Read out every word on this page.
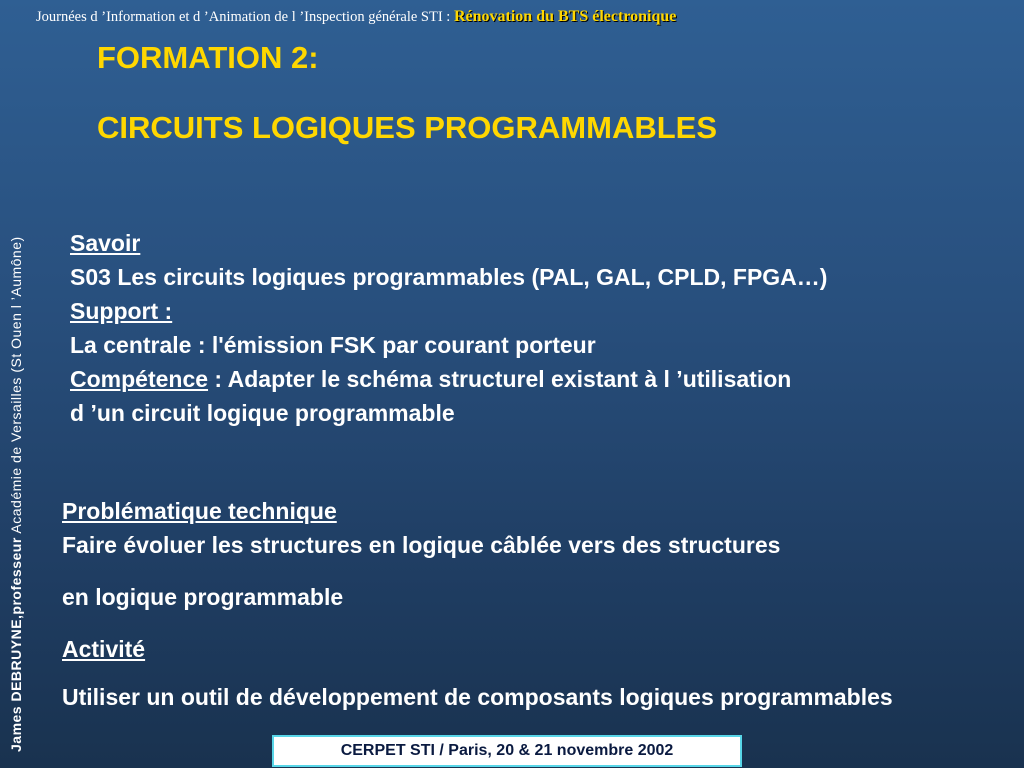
Journées d ’Information et d ’Animation de l ’Inspection générale STI : Rénovation du BTS électronique
James DEBRUYNE,professeur Académie de Versailles (St Ouen l ’Aumône)
FORMATION 2:
CIRCUITS LOGIQUES PROGRAMMABLES
Savoir
S03 Les circuits logiques programmables (PAL, GAL, CPLD, FPGA…)
Support :
La centrale : l'émission FSK par courant porteur
Compétence : Adapter le schéma structurel existant à l ’utilisation
d ’un circuit logique programmable
Problématique technique
Faire évoluer les structures en logique câblée vers des structures
en logique programmable
Activité
Utiliser un outil de développement de composants logiques programmables
CERPET STI / Paris, 20 & 21 novembre 2002
